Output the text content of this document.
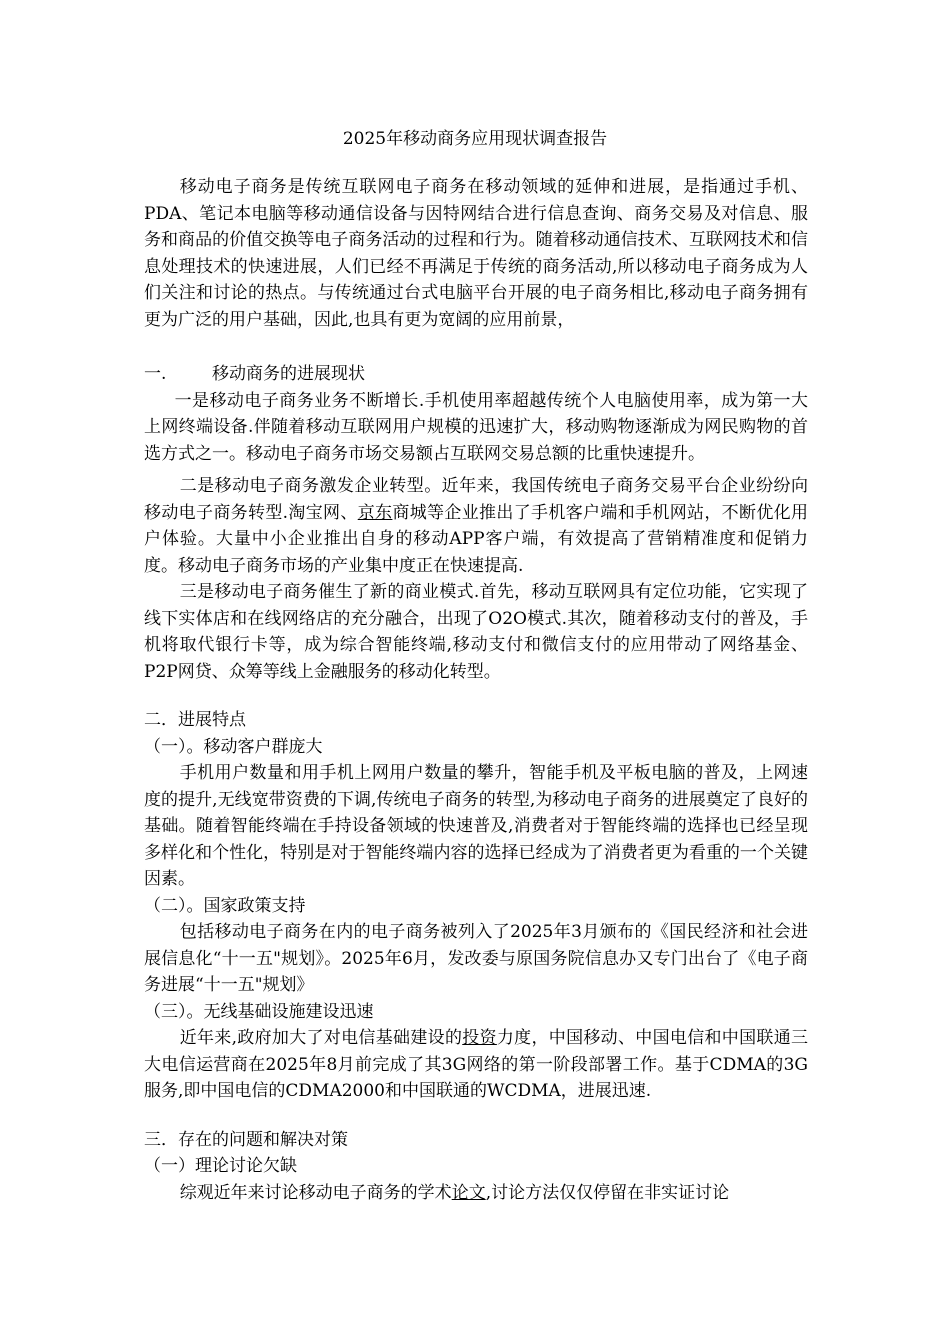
2025年移动商务应用现状调查报告

移动电子商务是传统互联网电子商务在移动领域的延伸和进展，是指通过手机、PDA、笔记本电脑等移动通信设备与因特网结合进行信息查询、商务交易及对信息、服务和商品的价值交换等电子商务活动的过程和行为。随着移动通信技术、互联网技术和信息处理技术的快速进展，人们已经不再满足于传统的商务活动,所以移动电子商务成为人们关注和讨论的热点。与传统通过台式电脑平台开展的电子商务相比,移动电子商务拥有更为广泛的用户基础，因此,也具有更为宽阔的应用前景，

一.	移动商务的进展现状

一是移动电子商务业务不断增长.手机使用率超越传统个人电脑使用率，成为第一大上网终端设备.伴随着移动互联网用户规模的迅速扩大，移动购物逐渐成为网民购物的首选方式之一。移动电子商务市场交易额占互联网交易总额的比重快速提升。

二是移动电子商务激发企业转型。近年来，我国传统电子商务交易平台企业纷纷向移动电子商务转型.淘宝网、京东商城等企业推出了手机客户端和手机网站，不断优化用户体验。大量中小企业推出自身的移动APP客户端，有效提高了营销精准度和促销力度。移动电子商务市场的产业集中度正在快速提高.

三是移动电子商务催生了新的商业模式.首先，移动互联网具有定位功能，它实现了线下实体店和在线网络店的充分融合，出现了O2O模式.其次，随着移动支付的普及，手机将取代银行卡等，成为综合智能终端,移动支付和微信支付的应用带动了网络基金、P2P网贷、众筹等线上金融服务的移动化转型。

二．进展特点

（一）。移动客户群庞大

手机用户数量和用手机上网用户数量的攀升，智能手机及平板电脑的普及，上网速度的提升,无线宽带资费的下调,传统电子商务的转型,为移动电子商务的进展奠定了良好的基础。随着智能终端在手持设备领域的快速普及,消费者对于智能终端的选择也已经呈现多样化和个性化，特别是对于智能终端内容的选择已经成为了消费者更为看重的一个关键因素。

（二）。国家政策支持

包括移动电子商务在内的电子商务被列入了2025年3月颁布的《国民经济和社会进展信息化“十一五"规划》。2025年6月，发改委与原国务院信息办又专门出台了《电子商务进展“十一五"规划》

（三）。无线基础设施建设迅速

近年来,政府加大了对电信基础建设的投资力度，中国移动、中国电信和中国联通三大电信运营商在2025年8月前完成了其3G网络的第一阶段部署工作。基于CDMA的3G服务,即中国电信的CDMA2000和中国联通的WCDMA，进展迅速.

三．存在的问题和解决对策

（一）理论讨论欠缺

综观近年来讨论移动电子商务的学术论文,讨论方法仅仅停留在非实证讨论
